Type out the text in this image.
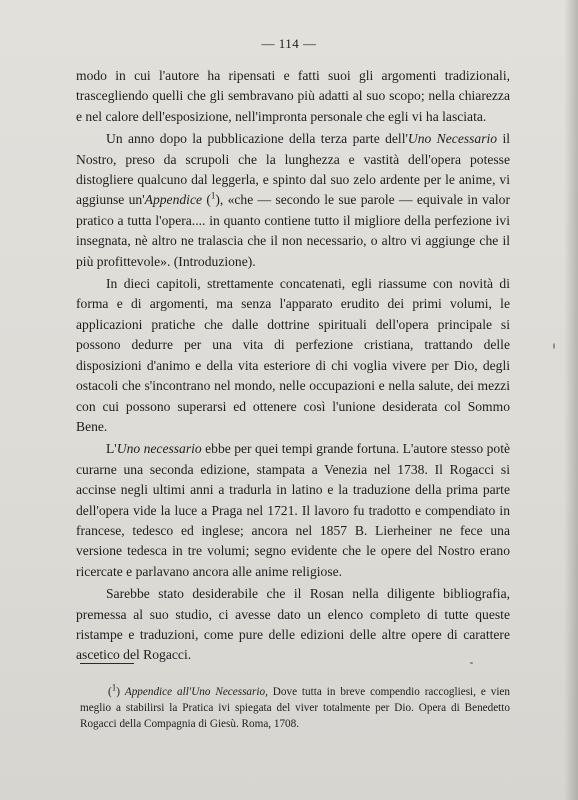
— 114 —

modo in cui l'autore ha ripensati e fatti suoi gli argomenti tradizionali, trascegliendo quelli che gli sembravano più adatti al suo scopo; nella chiarezza e nel calore dell'esposizione, nell'impronta personale che egli vi ha lasciata.

Un anno dopo la pubblicazione della terza parte dell'Uno Necessario il Nostro, preso da scrupoli che la lunghezza e vastità dell'opera potesse distogliere qualcuno dal leggerla, e spinto dal suo zelo ardente per le anime, vi aggiunse un'Appendice ($^1$), «che — secondo le sue parole — equivale in valor pratico a tutta l'opera.... in quanto contiene tutto il migliore della perfezione ivi insegnata, nè altro ne tralascia che il non necessario, o altro vi aggiunge che il più profittevole». (Introduzione).

In dieci capitoli, strettamente concatenati, egli riassume con novità di forma e di argomenti, ma senza l'apparato erudito dei primi volumi, le applicazioni pratiche che dalle dottrine spirituali dell'opera principale si possono dedurre per una vita di perfezione cristiana, trattando delle disposizioni d'animo e della vita esteriore di chi voglia vivere per Dio, degli ostacoli che s'incontrano nel mondo, nelle occupazioni e nella salute, dei mezzi con cui possono superarsi ed ottenere così l'unione desiderata col Sommo Bene.

L'Uno necessario ebbe per quei tempi grande fortuna. L'autore stesso potè curarne una seconda edizione, stampata a Venezia nel 1738. Il Rogacci si accinse negli ultimi anni a tradurla in latino e la traduzione della prima parte dell'opera vide la luce a Praga nel 1721. Il lavoro fu tradotto e compendiato in francese, tedesco ed inglese; ancora nel 1857 B. Lierheiner ne fece una versione tedesca in tre volumi; segno evidente che le opere del Nostro erano ricercate e parlavano ancora alle anime religiose.

Sarebbe stato desiderabile che il Rosan nella diligente bibliografia, premessa al suo studio, ci avesse dato un elenco completo di tutte queste ristampe e traduzioni, come pure delle edizioni delle altre opere di carattere ascetico del Rogacci.

($^1$) Appendice all'Uno Necessario, Dove tutta in breve compendio raccogliesi, e vien meglio a stabilirsi la Pratica ivi spiegata del viver totalmente per Dio. Opera di Benedetto Rogacci della Compagnia di Giesù. Roma, 1708.
